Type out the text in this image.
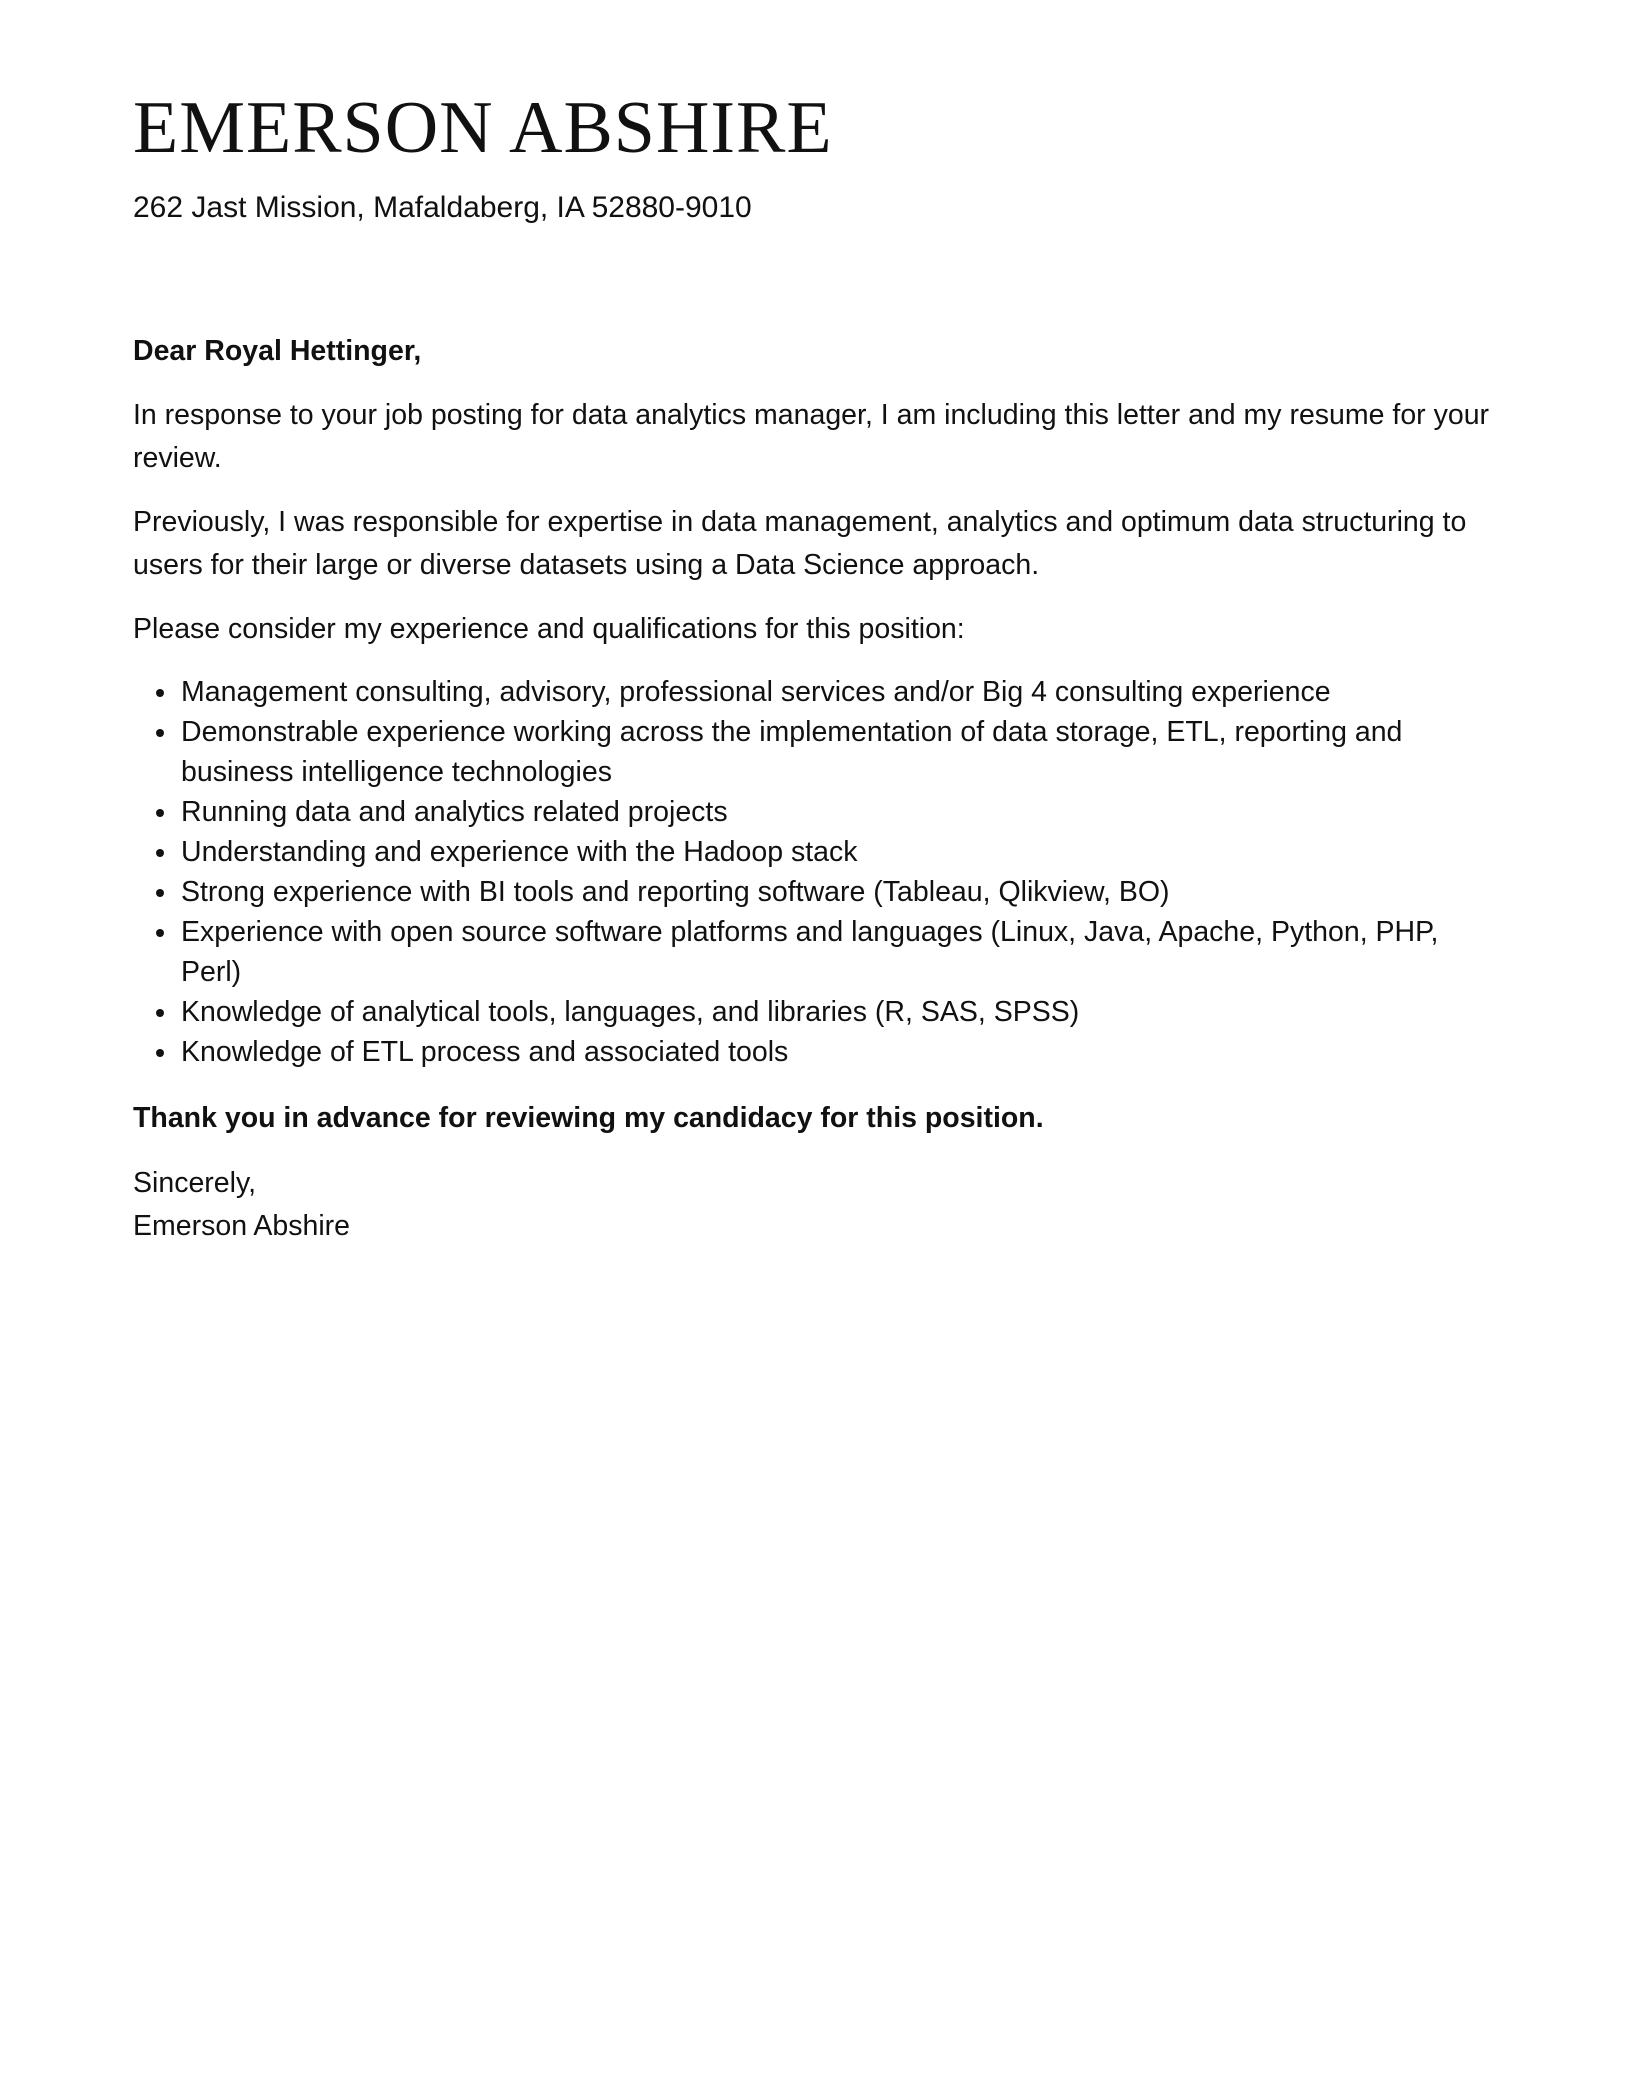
EMERSON ABSHIRE
262 Jast Mission, Mafaldaberg, IA 52880-9010

Dear Royal Hettinger,

In response to your job posting for data analytics manager, I am including this letter and my resume for your review.

Previously, I was responsible for expertise in data management, analytics and optimum data structuring to users for their large or diverse datasets using a Data Science approach.

Please consider my experience and qualifications for this position:

Management consulting, advisory, professional services and/or Big 4 consulting experience
Demonstrable experience working across the implementation of data storage, ETL, reporting and business intelligence technologies
Running data and analytics related projects
Understanding and experience with the Hadoop stack
Strong experience with BI tools and reporting software (Tableau, Qlikview, BO)
Experience with open source software platforms and languages (Linux, Java, Apache, Python, PHP, Perl)
Knowledge of analytical tools, languages, and libraries (R, SAS, SPSS)
Knowledge of ETL process and associated tools

Thank you in advance for reviewing my candidacy for this position.

Sincerely,

Emerson Abshire
